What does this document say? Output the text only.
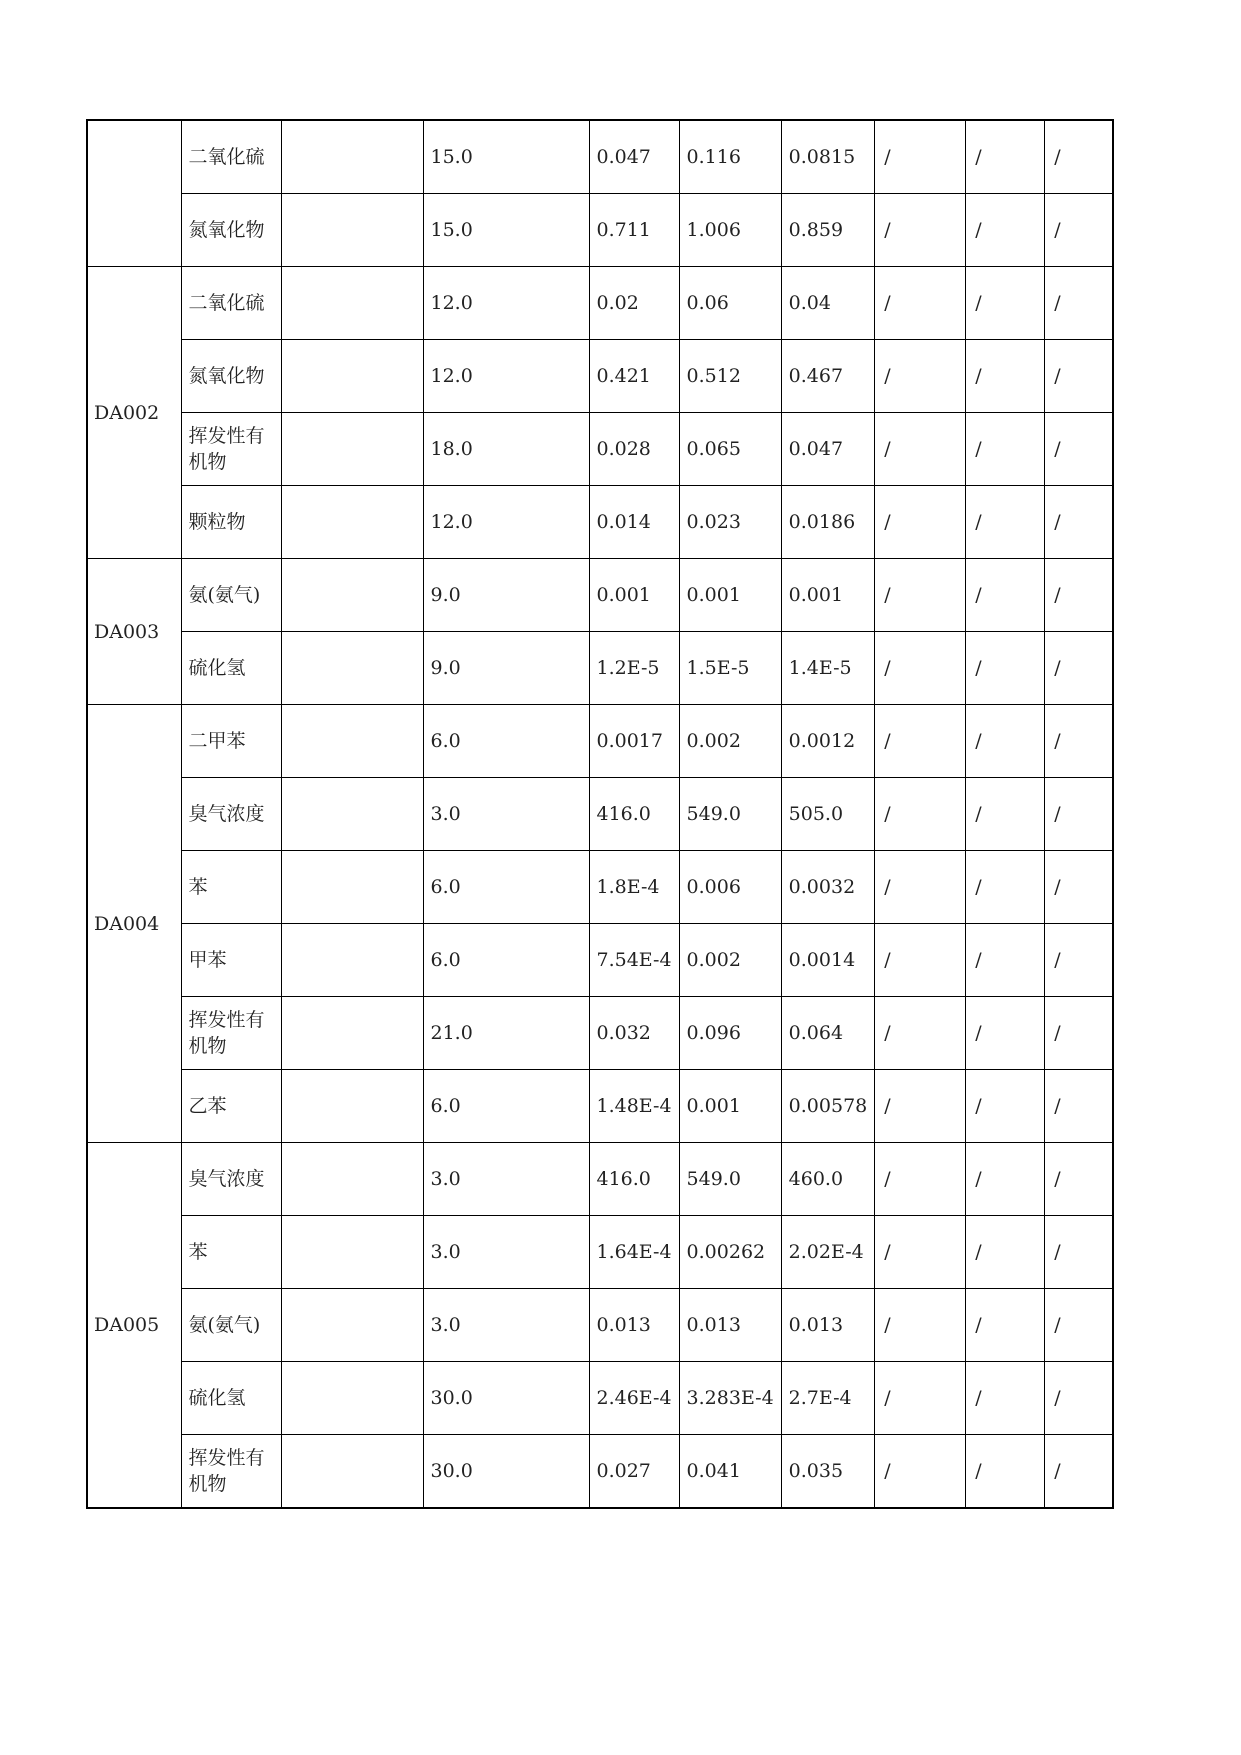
	二氧化硫		15.0	0.047	0.116	0.0815	/	/	/
	氮氧化物		15.0	0.711	1.006	0.859	/	/	/
DA002	二氧化硫		12.0	0.02	0.06	0.04	/	/	/
	氮氧化物		12.0	0.421	0.512	0.467	/	/	/
	挥发性有机物		18.0	0.028	0.065	0.047	/	/	/
	颗粒物		12.0	0.014	0.023	0.0186	/	/	/
DA003	氨(氨气)		9.0	0.001	0.001	0.001	/	/	/
	硫化氢		9.0	1.2E-5	1.5E-5	1.4E-5	/	/	/
DA004	二甲苯		6.0	0.0017	0.002	0.0012	/	/	/
	臭气浓度		3.0	416.0	549.0	505.0	/	/	/
	苯		6.0	1.8E-4	0.006	0.0032	/	/	/
	甲苯		6.0	7.54E-4	0.002	0.0014	/	/	/
	挥发性有机物		21.0	0.032	0.096	0.064	/	/	/
	乙苯		6.0	1.48E-4	0.001	0.00578	/	/	/
DA005	臭气浓度		3.0	416.0	549.0	460.0	/	/	/
	苯		3.0	1.64E-4	0.00262	2.02E-4	/	/	/
	氨(氨气)		3.0	0.013	0.013	0.013	/	/	/
	硫化氢		30.0	2.46E-4	3.283E-4	2.7E-4	/	/	/
	挥发性有机物		30.0	0.027	0.041	0.035	/	/	/
